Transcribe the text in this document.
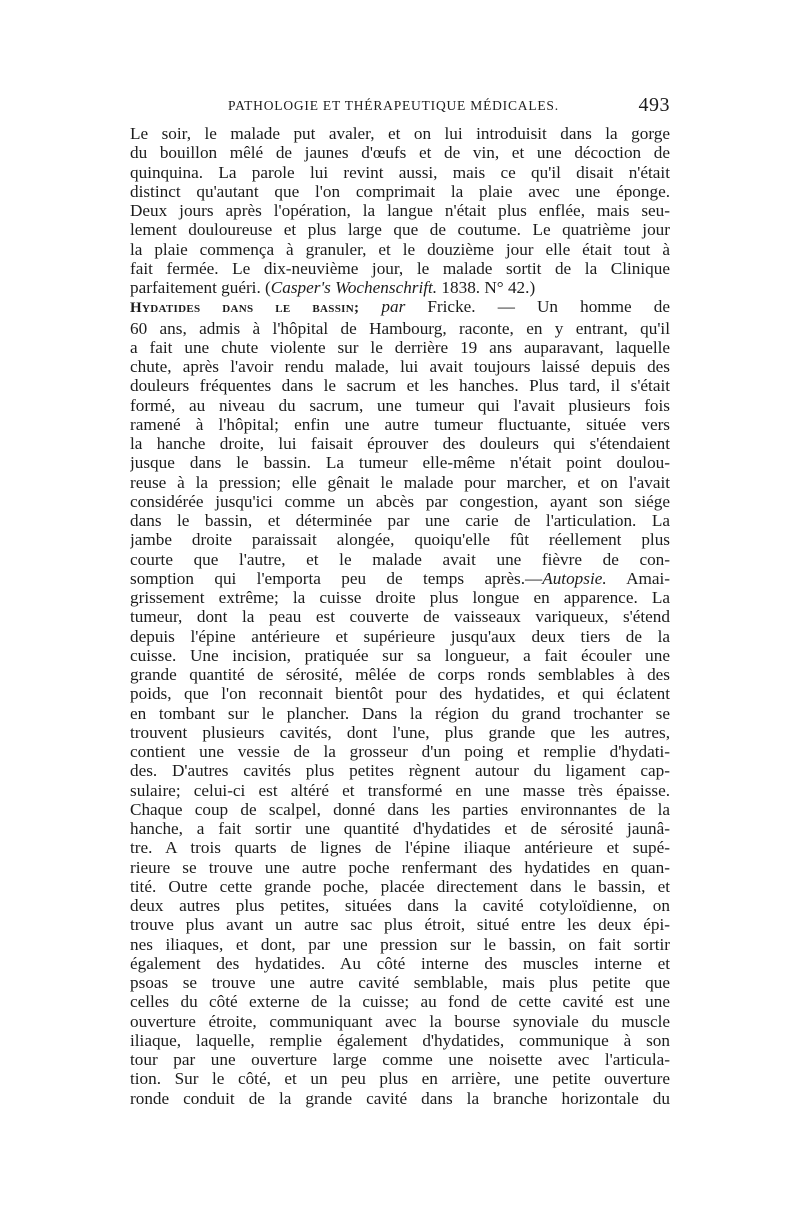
PATHOLOGIE ET THÉRAPEUTIQUE MÉDICALES.	493
Le soir, le malade put avaler, et on lui introduisit dans la gorge
du bouillon mêlé de jaunes d'œufs et de vin, et une décoction de
quinquina. La parole lui revint aussi, mais ce qu'il disait n'était
distinct qu'autant que l'on comprimait la plaie avec une éponge.
Deux jours après l'opération, la langue n'était plus enflée, mais seu-
lement douloureuse et plus large que de coutume. Le quatrième jour
la plaie commença à granuler, et le douzième jour elle était tout à
fait fermée. Le dix-neuvième jour, le malade sortit de la Clinique
parfaitement guéri. (Casper's Wochenschrift. 1838. N° 42.)
Hydatides dans le bassin; par Fricke. — Un homme de
60 ans, admis à l'hôpital de Hambourg, raconte, en y entrant, qu'il
a fait une chute violente sur le derrière 19 ans auparavant, laquelle
chute, après l'avoir rendu malade, lui avait toujours laissé depuis des
douleurs fréquentes dans le sacrum et les hanches. Plus tard, il s'était
formé, au niveau du sacrum, une tumeur qui l'avait plusieurs fois
ramené à l'hôpital; enfin une autre tumeur fluctuante, située vers
la hanche droite, lui faisait éprouver des douleurs qui s'étendaient
jusque dans le bassin. La tumeur elle-même n'était point doulou-
reuse à la pression; elle gênait le malade pour marcher, et on l'avait
considérée jusqu'ici comme un abcès par congestion, ayant son siége
dans le bassin, et déterminée par une carie de l'articulation. La
jambe droite paraissait alongée, quoiqu'elle fût réellement plus
courte que l'autre, et le malade avait une fièvre de con-
somption qui l'emporta peu de temps après.—Autopsie. Amai-
grissement extrême; la cuisse droite plus longue en apparence. La
tumeur, dont la peau est couverte de vaisseaux variqueux, s'étend
depuis l'épine antérieure et supérieure jusqu'aux deux tiers de la
cuisse. Une incision, pratiquée sur sa longueur, a fait écouler une
grande quantité de sérosité, mêlée de corps ronds semblables à des
poids, que l'on reconnait bientôt pour des hydatides, et qui éclatent
en tombant sur le plancher. Dans la région du grand trochanter se
trouvent plusieurs cavités, dont l'une, plus grande que les autres,
contient une vessie de la grosseur d'un poing et remplie d'hydati-
des. D'autres cavités plus petites règnent autour du ligament cap-
sulaire; celui-ci est altéré et transformé en une masse très épaisse.
Chaque coup de scalpel, donné dans les parties environnantes de la
hanche, a fait sortir une quantité d'hydatides et de sérosité jaunâ-
tre. A trois quarts de lignes de l'épine iliaque antérieure et supé-
rieure se trouve une autre poche renfermant des hydatides en quan-
tité. Outre cette grande poche, placée directement dans le bassin, et
deux autres plus petites, situées dans la cavité cotyloïdienne, on
trouve plus avant un autre sac plus étroit, situé entre les deux épi-
nes iliaques, et dont, par une pression sur le bassin, on fait sortir
également des hydatides. Au côté interne des muscles interne et
psoas se trouve une autre cavité semblable, mais plus petite que
celles du côté externe de la cuisse; au fond de cette cavité est une
ouverture étroite, communiquant avec la bourse synoviale du muscle
iliaque, laquelle, remplie également d'hydatides, communique à son
tour par une ouverture large comme une noisette avec l'articula-
tion. Sur le côté, et un peu plus en arrière, une petite ouverture
ronde conduit de la grande cavité dans la branche horizontale du
